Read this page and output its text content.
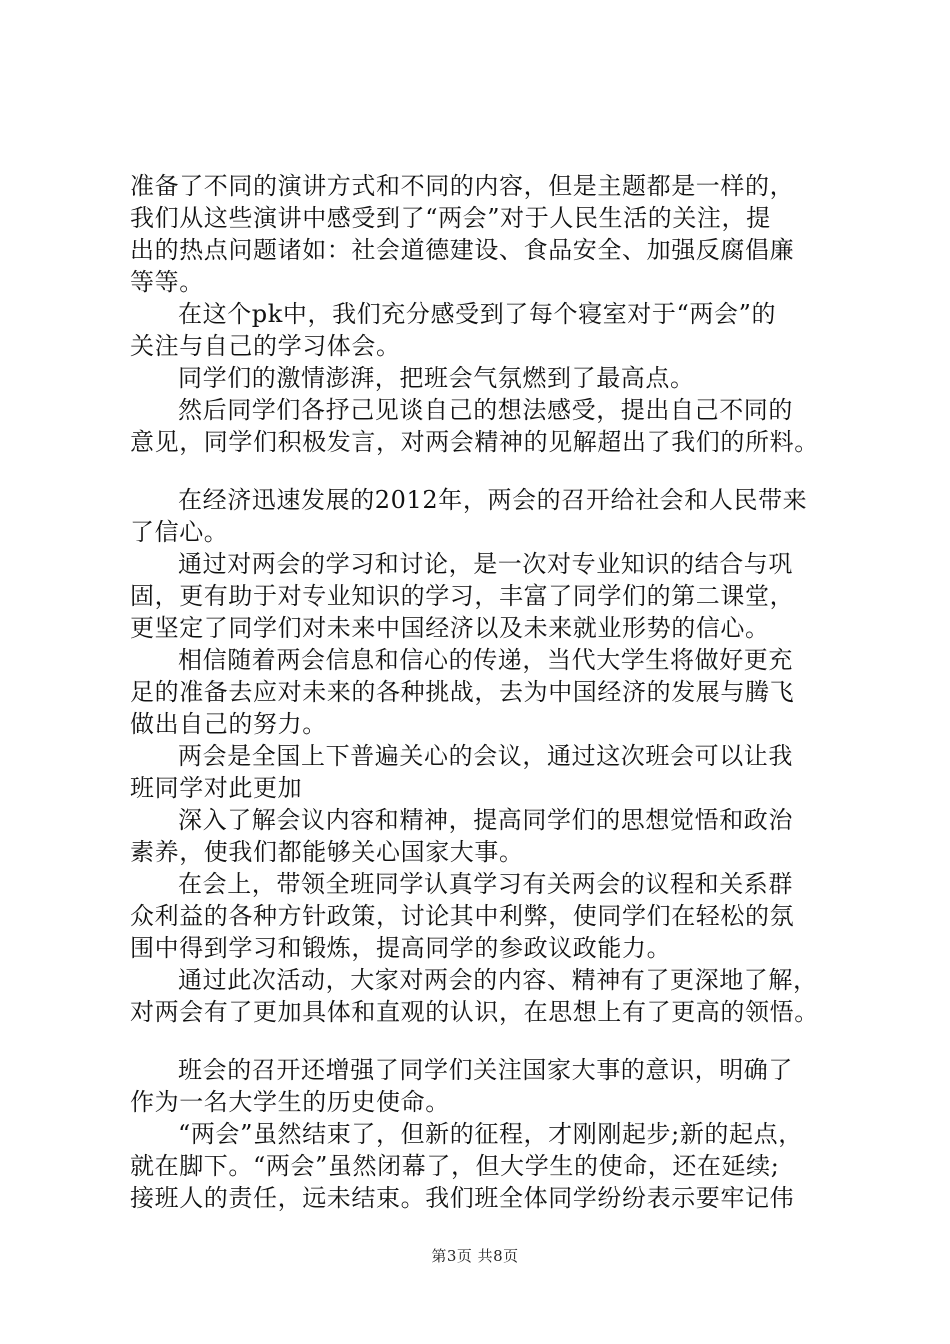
准备了不同的演讲方式和不同的内容，但是主题都是一样的，
我们从这些演讲中感受到了“两会”对于人民生活的关注，提
出的热点问题诸如：社会道德建设、食品安全、加强反腐倡廉
等等。
在这个pk中，我们充分感受到了每个寝室对于“两会”的
关注与自己的学习体会。
同学们的激情澎湃，把班会气氛燃到了最高点。
然后同学们各抒己见谈自己的想法感受，提出自己不同的
意见，同学们积极发言，对两会精神的见解超出了我们的所料。
在经济迅速发展的2012年，两会的召开给社会和人民带来
了信心。
通过对两会的学习和讨论，是一次对专业知识的结合与巩
固，更有助于对专业知识的学习，丰富了同学们的第二课堂，
更坚定了同学们对未来中国经济以及未来就业形势的信心。
相信随着两会信息和信心的传递，当代大学生将做好更充
足的准备去应对未来的各种挑战，去为中国经济的发展与腾飞
做出自己的努力。
两会是全国上下普遍关心的会议，通过这次班会可以让我
班同学对此更加
深入了解会议内容和精神，提高同学们的思想觉悟和政治
素养，使我们都能够关心国家大事。
在会上，带领全班同学认真学习有关两会的议程和关系群
众利益的各种方针政策，讨论其中利弊，使同学们在轻松的氛
围中得到学习和锻炼，提高同学的参政议政能力。
通过此次活动，大家对两会的内容、精神有了更深地了解，
对两会有了更加具体和直观的认识，在思想上有了更高的领悟。
班会的召开还增强了同学们关注国家大事的意识，明确了
作为一名大学生的历史使命。
“两会”虽然结束了，但新的征程，才刚刚起步;新的起点，
就在脚下。“两会”虽然闭幕了，但大学生的使命，还在延续;
接班人的责任，远未结束。我们班全体同学纷纷表示要牢记伟
第3页 共8页
